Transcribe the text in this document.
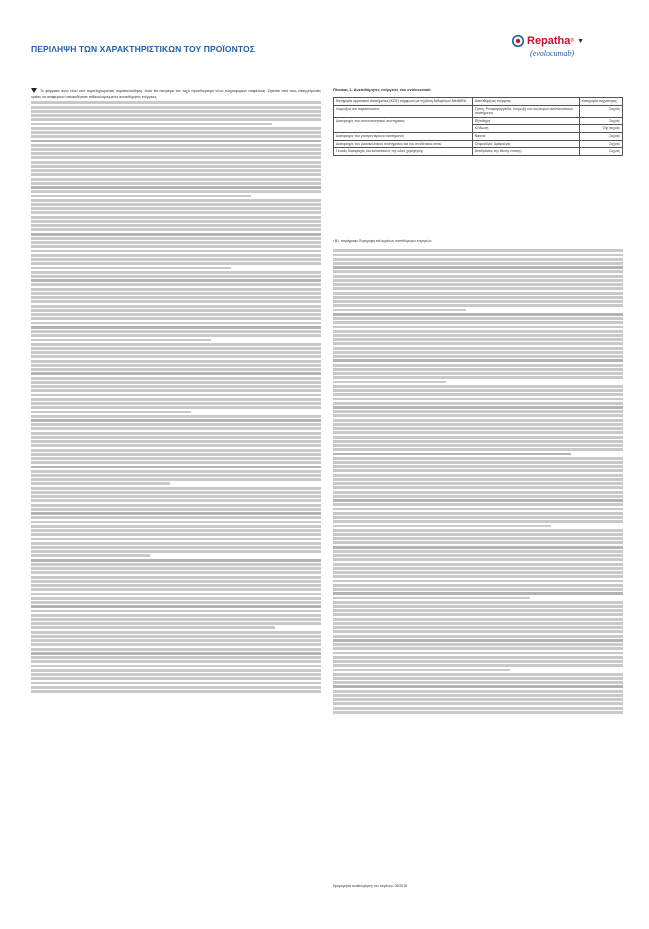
ΠΕΡΙΛΗΨΗ ΤΩΝ ΧΑΡΑΚΤΗΡΙΣΤΙΚΩΝ ΤΟΥ ΠΡΟΪΟΝΤΟΣ
Repatha ® ▼
(evolocumab)
Το φάρμακο αυτό τελεί υπό συμπληρωματική παρακολούθηση. Αυτό θα επιτρέψει τον ταχύ προσδιορισμό νέων πληροφοριών ασφάλειας. Ζητείται από τους επαγγελματίες υγείας να αναφέρουν οποιεσδήποτε πιθανολογούμενες ανεπιθύμητες ενέργειες.
Πίνακας 1. Ανεπιθύμητες ενέργειες του evolocumab
Κατηγορία οργανικού συστήματος (ΚΟΣ) σύμφωνα με τη βάση δεδομένων MedDRA	Ανεπιθύμητες ενέργειες	Κατηγορία συχνότητας
Λοιμώξεις και παρασιτώσεις	Γρίπη, Ρινοφαρυγγίτιδα, Λοίμωξη του ανώτερου αναπνευστικού συστήματος	Συχνές
Διαταραχές του ανοσοποιητικού συστήματος	Εξάνθημα	Συχνές
	Κνίδωση	Όχι συχνές
Διαταραχές του γαστρεντερικού συστήματος	Ναυτία	Συχνές
Διαταραχές του μυοσκελετικού συστήματος και του συνδετικού ιστού	Οσφυαλγία, Αρθραλγία	Συχνές
Γενικές διαταραχές και καταστάσεις της οδού χορήγησης	Αντιδράσεις της θέσης ένεσης¹	Συχνές
¹ Βλ. παράγραφο Περιγραφή επιλεγμένων ανεπιθύμητων ενεργειών
Ημερομηνία αναθεώρησης του κειμένου: 03/2016
